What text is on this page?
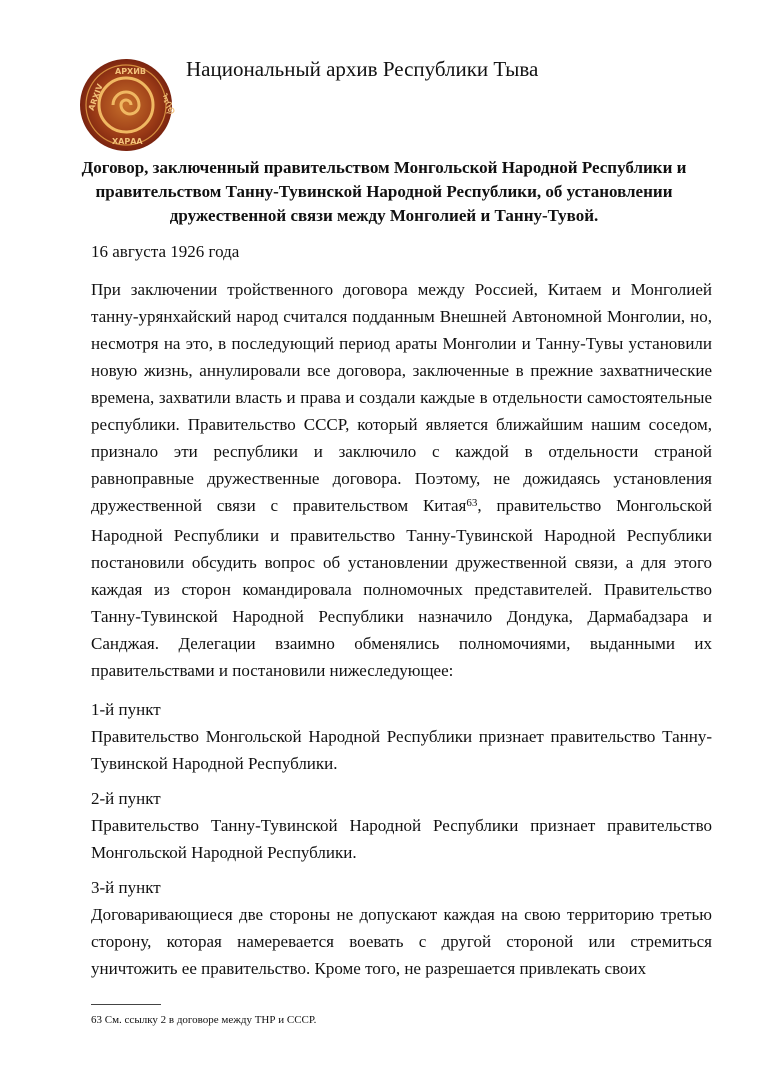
АРХИВ
ARXIV
ХАРАА
ᠠᠷᠬᠢᠪ
Национальный архив Республики Тыва
Договор, заключенный правительством Монгольской Народной Республики и правительством Танну-Тувинской Народной Республики, об установлении дружественной связи между Монголией и Танну-Тувой.
16 августа 1926 года

При заключении тройственного договора между Россией, Китаем и Монголией танну-урянхайский народ считался подданным Внешней Автономной Монголии, но, несмотря на это, в последующий период араты Монголии и Танну-Тувы установили новую жизнь, аннулировали все договора, заключенные в прежние захватнические времена, захватили власть и права и создали каждые в отдельности самостоятельные республики. Правительство СССР, который является ближайшим нашим соседом, признало эти республики и заключило с каждой в отдельности страной равноправные дружественные договора. Поэтому, не дожидаясь установления дружественной связи с правительством Китая$^{63}$, правительство Монгольской Народной Республики и правительство Танну-Тувинской Народной Республики постановили обсудить вопрос об установлении дружественной связи, а для этого каждая из сторон командировала полномочных представителей. Правительство Танну-Тувинской Народной Республики назначило Дондука, Дармабадзара и Санджая. Делегации взаимно обменялись полномочиями, выданными их правительствами и постановили нижеследующее:

1-й пункт

Правительство Монгольской Народной Республики признает правительство Танну-Тувинской Народной Республики.

2-й пункт

Правительство Танну-Тувинской Народной Республики признает правительство Монгольской Народной Республики.

3-й пункт

Договаривающиеся две стороны не допускают каждая на свою территорию третью сторону, которая намеревается воевать с другой стороной или стремиться уничтожить ее правительство. Кроме того, не разрешается привлекать своих

63 См. ссылку 2 в договоре между ТНР и СССР.
